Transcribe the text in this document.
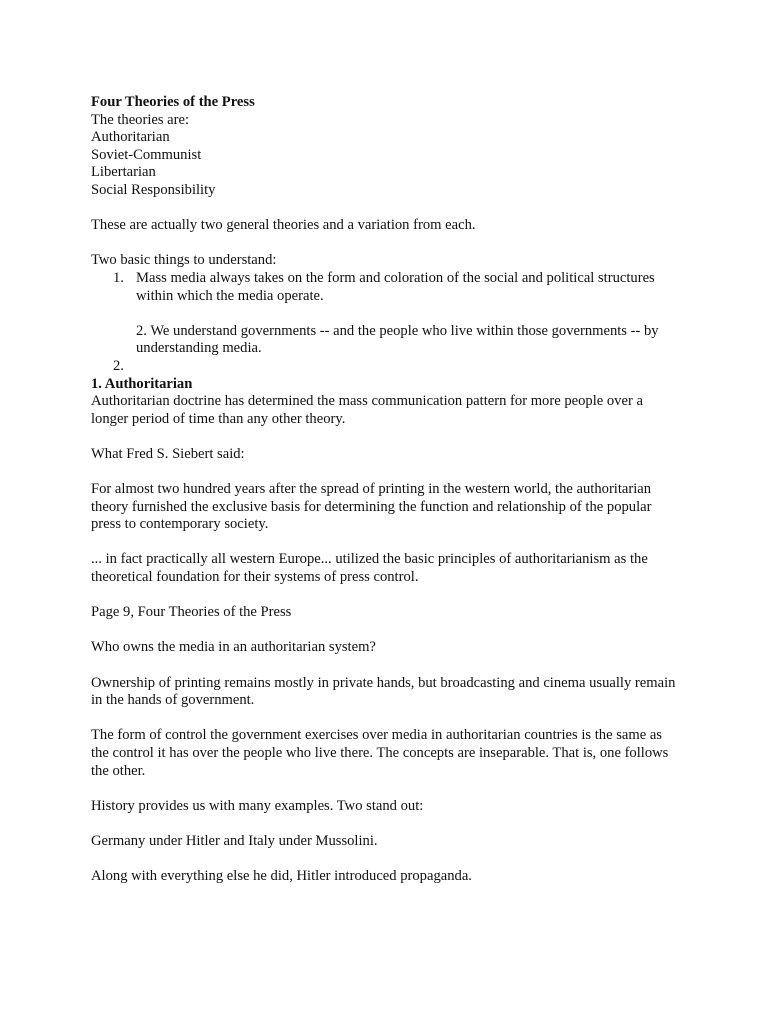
Four Theories of the Press

The theories are:

Authoritarian

Soviet-Communist

Libertarian

Social Responsibility

These are actually two general theories and a variation from each.

Two basic things to understand:

1. Mass media always takes on the form and coloration of the social and political structures within which the media operate.
2. We understand governments -- and the people who live within those governments -- by understanding media.
2.

1. Authoritarian

Authoritarian doctrine has determined the mass communication pattern for more people over a longer period of time than any other theory.

What Fred S. Siebert said:

For almost two hundred years after the spread of printing in the western world, the authoritarian theory furnished the exclusive basis for determining the function and relationship of the popular press to contemporary society.

... in fact practically all western Europe... utilized the basic principles of authoritarianism as the theoretical foundation for their systems of press control.

Page 9, Four Theories of the Press

Who owns the media in an authoritarian system?

Ownership of printing remains mostly in private hands, but broadcasting and cinema usually remain in the hands of government.

The form of control the government exercises over media in authoritarian countries is the same as the control it has over the people who live there. The concepts are inseparable. That is, one follows the other.

History provides us with many examples. Two stand out:

Germany under Hitler and Italy under Mussolini.

Along with everything else he did, Hitler introduced propaganda.
